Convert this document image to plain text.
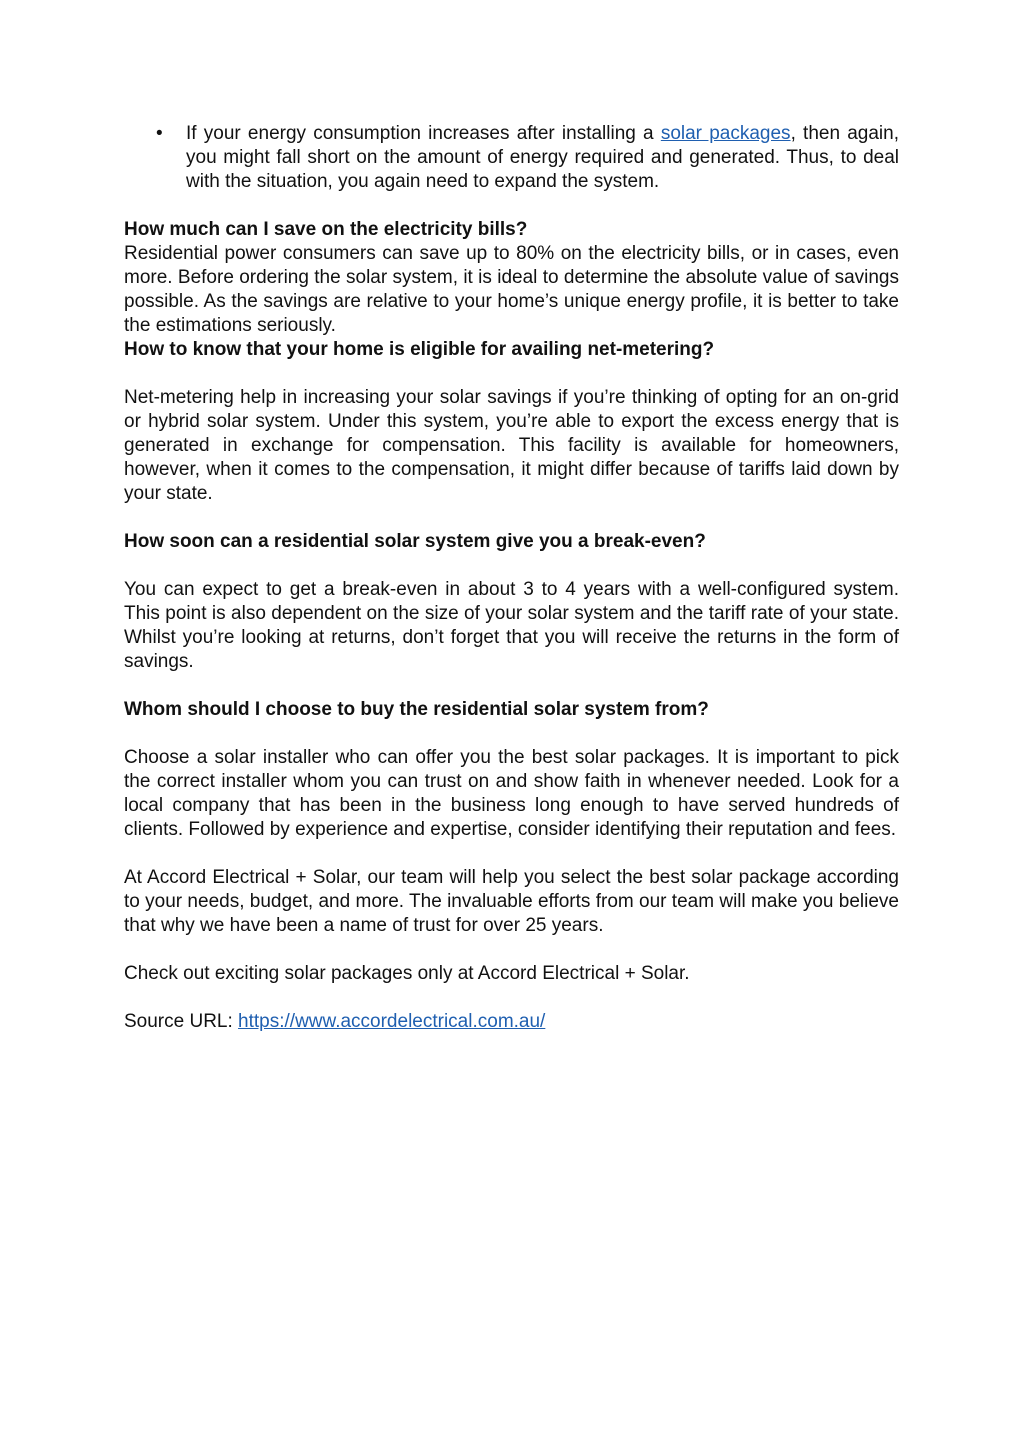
• If your energy consumption increases after installing a solar packages, then again, you might fall short on the amount of energy required and generated. Thus, to deal with the situation, you again need to expand the system.

How much can I save on the electricity bills?

Residential power consumers can save up to 80% on the electricity bills, or in cases, even more. Before ordering the solar system, it is ideal to determine the absolute value of savings possible. As the savings are relative to your home’s unique energy profile, it is better to take the estimations seriously.

How to know that your home is eligible for availing net-metering?

Net-metering help in increasing your solar savings if you’re thinking of opting for an on-grid or hybrid solar system. Under this system, you’re able to export the excess energy that is generated in exchange for compensation. This facility is available for homeowners, however, when it comes to the compensation, it might differ because of tariffs laid down by your state.

How soon can a residential solar system give you a break-even?

You can expect to get a break-even in about 3 to 4 years with a well-configured system. This point is also dependent on the size of your solar system and the tariff rate of your state. Whilst you’re looking at returns, don’t forget that you will receive the returns in the form of savings.

Whom should I choose to buy the residential solar system from?

Choose a solar installer who can offer you the best solar packages. It is important to pick the correct installer whom you can trust on and show faith in whenever needed. Look for a local company that has been in the business long enough to have served hundreds of clients. Followed by experience and expertise, consider identifying their reputation and fees.

At Accord Electrical + Solar, our team will help you select the best solar package according to your needs, budget, and more. The invaluable efforts from our team will make you believe that why we have been a name of trust for over 25 years.

Check out exciting solar packages only at Accord Electrical + Solar.

Source URL: https://www.accordelectrical.com.au/
